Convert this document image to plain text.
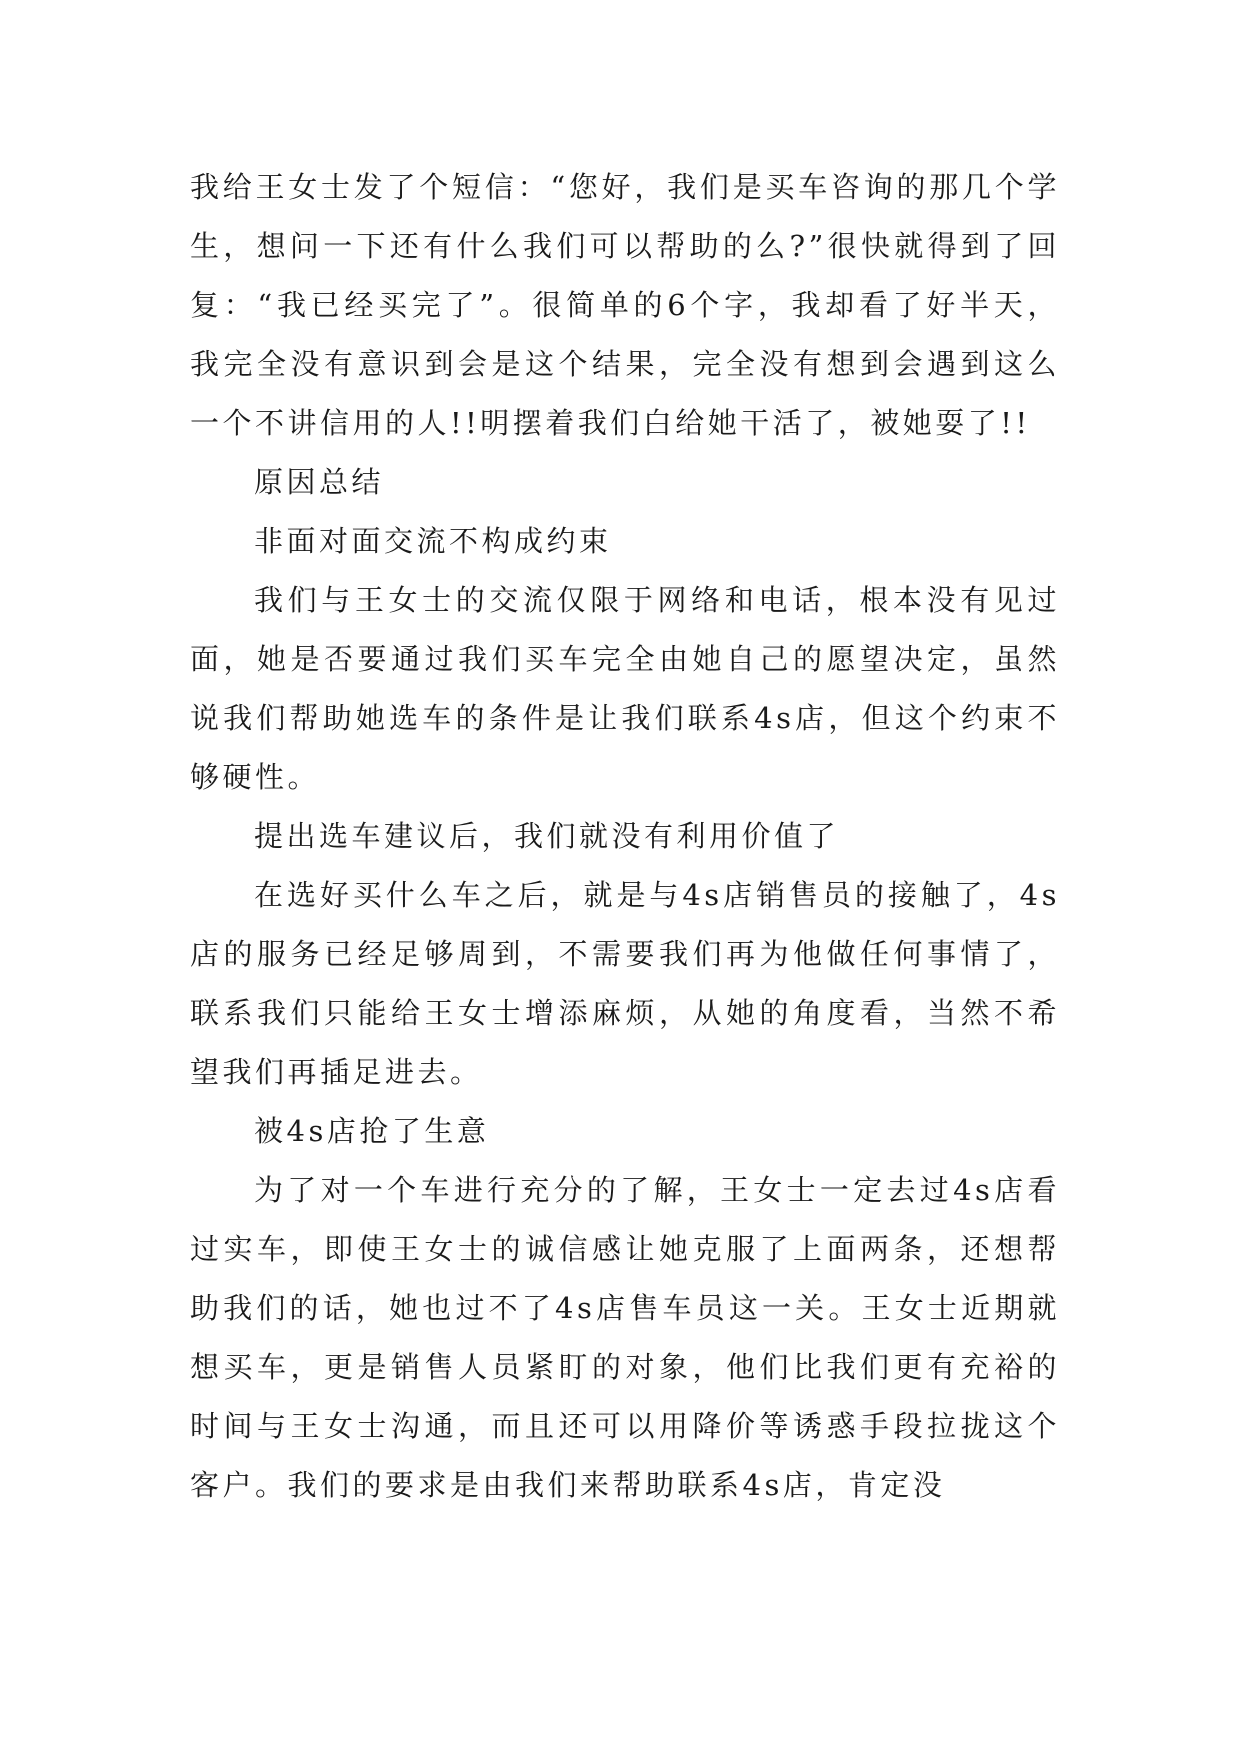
我给王女士发了个短信：“您好，我们是买车咨询的那几个学生，想问一下还有什么我们可以帮助的么?”很快就得到了回复：“我已经买完了”。很简单的6个字，我却看了好半天，我完全没有意识到会是这个结果，完全没有想到会遇到这么一个不讲信用的人!!明摆着我们白给她干活了，被她耍了!!

原因总结

非面对面交流不构成约束

我们与王女士的交流仅限于网络和电话，根本没有见过面，她是否要通过我们买车完全由她自己的愿望决定，虽然说我们帮助她选车的条件是让我们联系4s店，但这个约束不够硬性。

提出选车建议后，我们就没有利用价值了

在选好买什么车之后，就是与4s店销售员的接触了，4s店的服务已经足够周到，不需要我们再为他做任何事情了，联系我们只能给王女士增添麻烦，从她的角度看，当然不希望我们再插足进去。

被4s店抢了生意

为了对一个车进行充分的了解，王女士一定去过4s店看过实车，即使王女士的诚信感让她克服了上面两条，还想帮助我们的话，她也过不了4s店售车员这一关。王女士近期就想买车，更是销售人员紧盯的对象，他们比我们更有充裕的时间与王女士沟通，而且还可以用降价等诱惑手段拉拢这个客户。我们的要求是由我们来帮助联系4s店，肯定没
